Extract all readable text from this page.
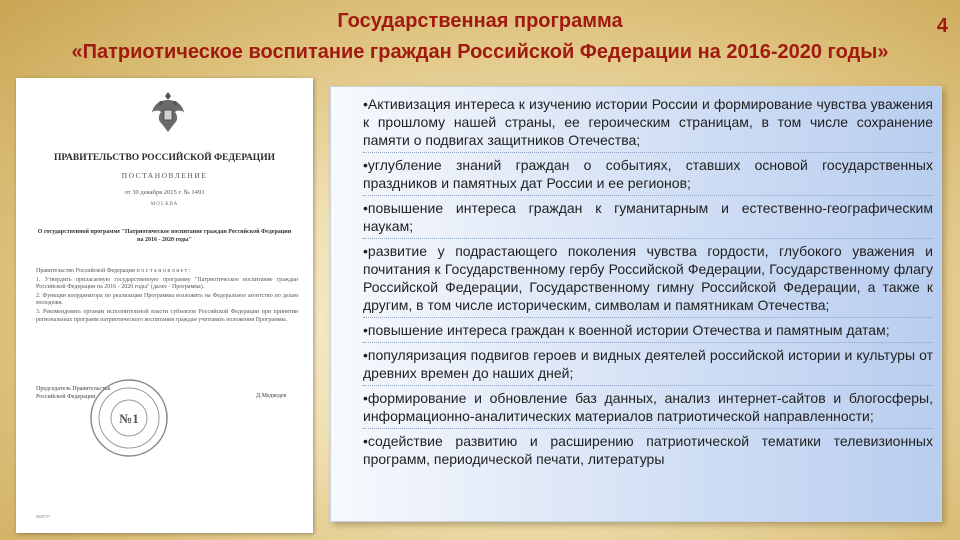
Государственная программа
«Патриотическое воспитание граждан Российской Федерации на 2016-2020 годы»
4
ПРАВИТЕЛЬСТВО РОССИЙСКОЙ ФЕДЕРАЦИИ
ПОСТАНОВЛЕНИЕ
от 30 декабря 2015 г. № 1493
МОСКВА
О государственной программе "Патриотическое воспитание граждан Российской Федерации на 2016 - 2020 годы"

Правительство Российской Федерации п о с т а н о в л я е т :

1. Утвердить прилагаемую государственную программу "Патриотическое воспитание граждан Российской Федерации на 2016 - 2020 годы" (далее - Программа).

2. Функции координатора по реализации Программы возложить на Федеральное агентство по делам молодежи.

3. Рекомендовать органам исполнительной власти субъектов Российской Федерации при принятии региональных программ патриотического воспитания граждан учитывать положения Программы.

Председатель Правительства
Российской Федерации	Д.Медведев
№1
2649757
•Активизация интереса к изучению истории России и формирование чувства уважения к прошлому нашей страны, ее героическим страницам, в том числе сохранение памяти о подвигах защитников Отечества;
•углубление знаний граждан о событиях, ставших основой государственных праздников и памятных дат России и ее регионов;
•повышение интереса граждан к гуманитарным и естественно-географическим наукам;
•развитие у подрастающего поколения чувства гордости, глубокого уважения и почитания к Государственному гербу Российской Федерации, Государственному флагу Российской Федерации, Государственному гимну Российской Федерации, а также к другим, в том числе историческим, символам и памятникам Отечества;
•повышение интереса граждан к военной истории Отечества и памятным датам;
•популяризация подвигов героев и видных деятелей российской истории и культуры от древних времен до наших дней;
•формирование и обновление баз данных, анализ интернет-сайтов и блогосферы, информационно-аналитических материалов патриотической направленности;
•содействие развитию и расширению патриотической тематики телевизионных программ, периодической печати, литературы
